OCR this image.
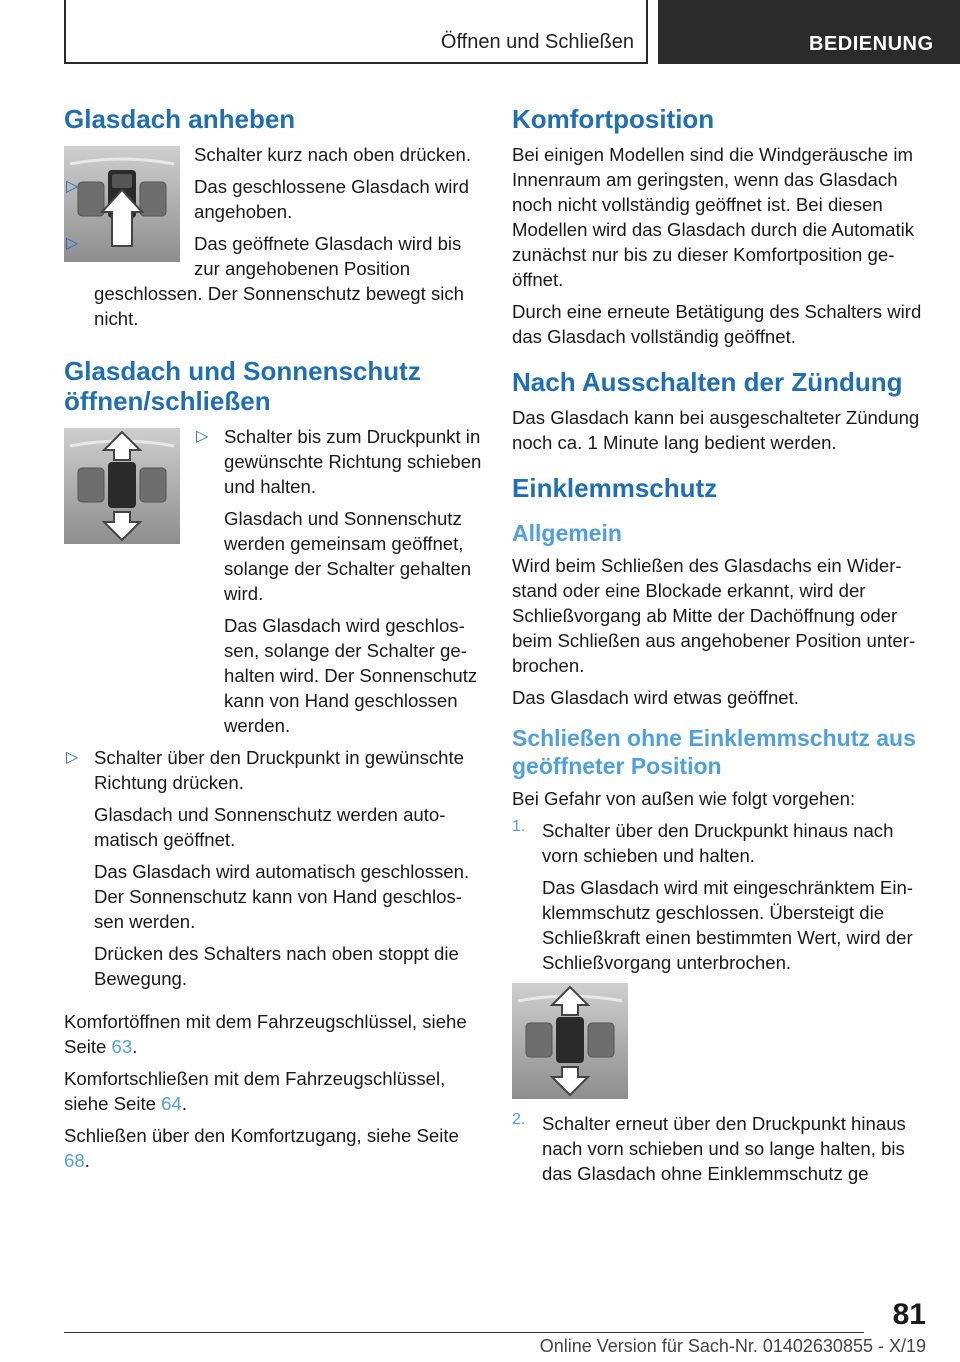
Öffnen und Schließen	BEDIENUNG
Glasdach anheben

Schalter kurz nach oben drücken.

▷	Das geschlossene Glasdach wird angehoben.

▷	Das geöffnete Glasdach wird bis zur angehobenen Position geschlossen. Der Sonnenschutz bewegt sich nicht.

Glasdach und Sonnenschutz öffnen/schließen
▷ Schalter bis zum Druckpunkt in gewünschte Richtung schieben und halten.

Glasdach und Sonnenschutz werden gemeinsam geöffnet, solange der Schalter gehalten wird.

Das Glasdach wird geschlossen, solange der Schalter gehalten wird. Der Sonnenschutz kann von Hand geschlossen werden.

▷ Schalter über den Druckpunkt in gewünschte Richtung drücken.

Glasdach und Sonnenschutz werden automatisch geöffnet.

Das Glasdach wird automatisch geschlossen. Der Sonnenschutz kann von Hand geschlossen werden.

Drücken des Schalters nach oben stoppt die Bewegung.

Komfortöffnen mit dem Fahrzeugschlüssel, siehe Seite 63.

Komfortschließen mit dem Fahrzeugschlüssel, siehe Seite 64.

Schließen über den Komfortzugang, siehe Seite 68.

Komfortposition

Bei einigen Modellen sind die Windgeräusche im Innenraum am geringsten, wenn das Glasdach noch nicht vollständig geöffnet ist. Bei diesen Modellen wird das Glasdach durch die Automatik zunächst nur bis zu dieser Komfortposition geöffnet.

Durch eine erneute Betätigung des Schalters wird das Glasdach vollständig geöffnet.

Nach Ausschalten der Zündung

Das Glasdach kann bei ausgeschalteter Zündung noch ca. 1 Minute lang bedient werden.

Einklemmschutz
Allgemein

Wird beim Schließen des Glasdachs ein Widerstand oder eine Blockade erkannt, wird der Schließvorgang ab Mitte der Dachöffnung oder beim Schließen aus angehobener Position unterbrochen.

Das Glasdach wird etwas geöffnet.

Schließen ohne Einklemmschutz aus geöffneter Position

Bei Gefahr von außen wie folgt vorgehen:

1. Schalter über den Druckpunkt hinaus nach vorn schieben und halten.

Das Glasdach wird mit eingeschränktem Einklemmschutz geschlossen. Übersteigt die Schließkraft einen bestimmten Wert, wird der Schließvorgang unterbrochen.

2. Schalter erneut über den Druckpunkt hinaus nach vorn schieben und so lange halten, bis das Glasdach ohne Einklemmschutz ge

81
Online Version für Sach-Nr. 01402630855 - X/19
